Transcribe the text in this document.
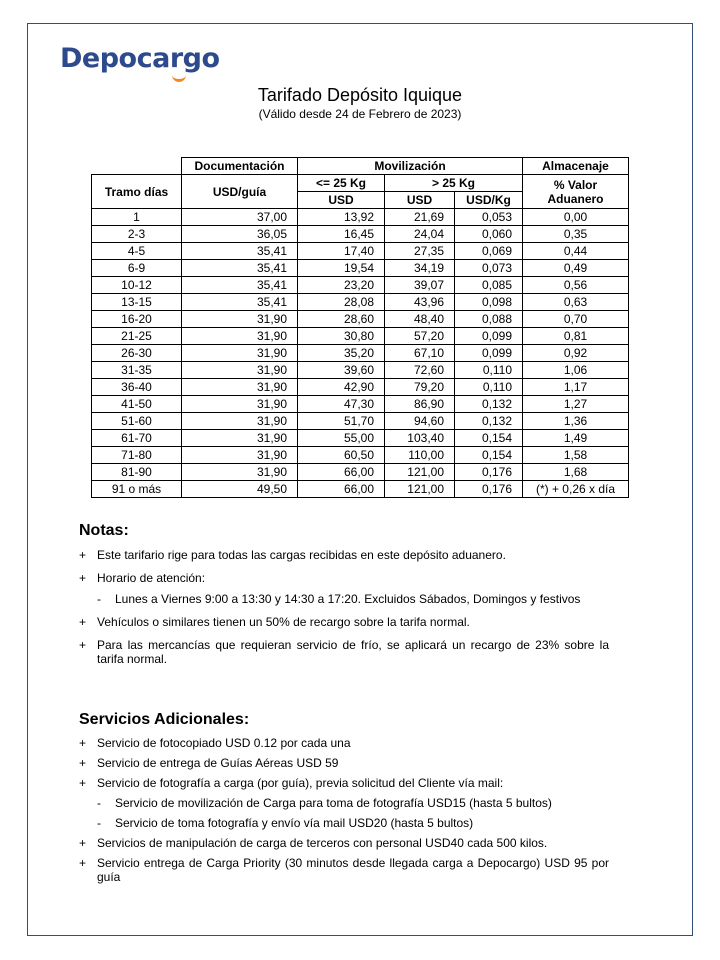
Depocargo
Tarifado Depósito Iquique
(Válido desde 24 de Febrero de 2023)
	Documentación	Movilización			Almacenaje
Tramo días	USD/guía	<= 25 Kg	> 25 Kg		% Valor Aduanero
		USD	USD	USD/Kg	
1	37,00	13,92	21,69	0,053	0,00
2-3	36,05	16,45	24,04	0,060	0,35
4-5	35,41	17,40	27,35	0,069	0,44
6-9	35,41	19,54	34,19	0,073	0,49
10-12	35,41	23,20	39,07	0,085	0,56
13-15	35,41	28,08	43,96	0,098	0,63
16-20	31,90	28,60	48,40	0,088	0,70
21-25	31,90	30,80	57,20	0,099	0,81
26-30	31,90	35,20	67,10	0,099	0,92
31-35	31,90	39,60	72,60	0,110	1,06
36-40	31,90	42,90	79,20	0,110	1,17
41-50	31,90	47,30	86,90	0,132	1,27
51-60	31,90	51,70	94,60	0,132	1,36
61-70	31,90	55,00	103,40	0,154	1,49
71-80	31,90	60,50	110,00	0,154	1,58
81-90	31,90	66,00	121,00	0,176	1,68
91 o más	49,50	66,00	121,00	0,176	(*) + 0,26 x día
Notas:
+ Este tarifario rige para todas las cargas recibidas en este depósito aduanero.
+ Horario de atención:
- Lunes a Viernes 9:00 a 13:30 y 14:30 a 17:20. Excluidos Sábados, Domingos y festivos
+ Vehículos o similares tienen un 50% de recargo sobre la tarifa normal.
+ Para las mercancías que requieran servicio de frío, se aplicará un recargo de 23% sobre la tarifa normal.
Servicios Adicionales:
+ Servicio de fotocopiado USD 0.12 por cada una
+ Servicio de entrega de Guías Aéreas USD 59
+ Servicio de fotografía a carga (por guía), previa solicitud del Cliente vía mail:
- Servicio de movilización de Carga para toma de fotografía USD15 (hasta 5 bultos)
- Servicio de toma fotografía y envío vía mail USD20 (hasta 5 bultos)
+ Servicios de manipulación de carga de terceros con personal USD40 cada 500 kilos.
+ Servicio entrega de Carga Priority (30 minutos desde llegada carga a Depocargo) USD 95 por guía
